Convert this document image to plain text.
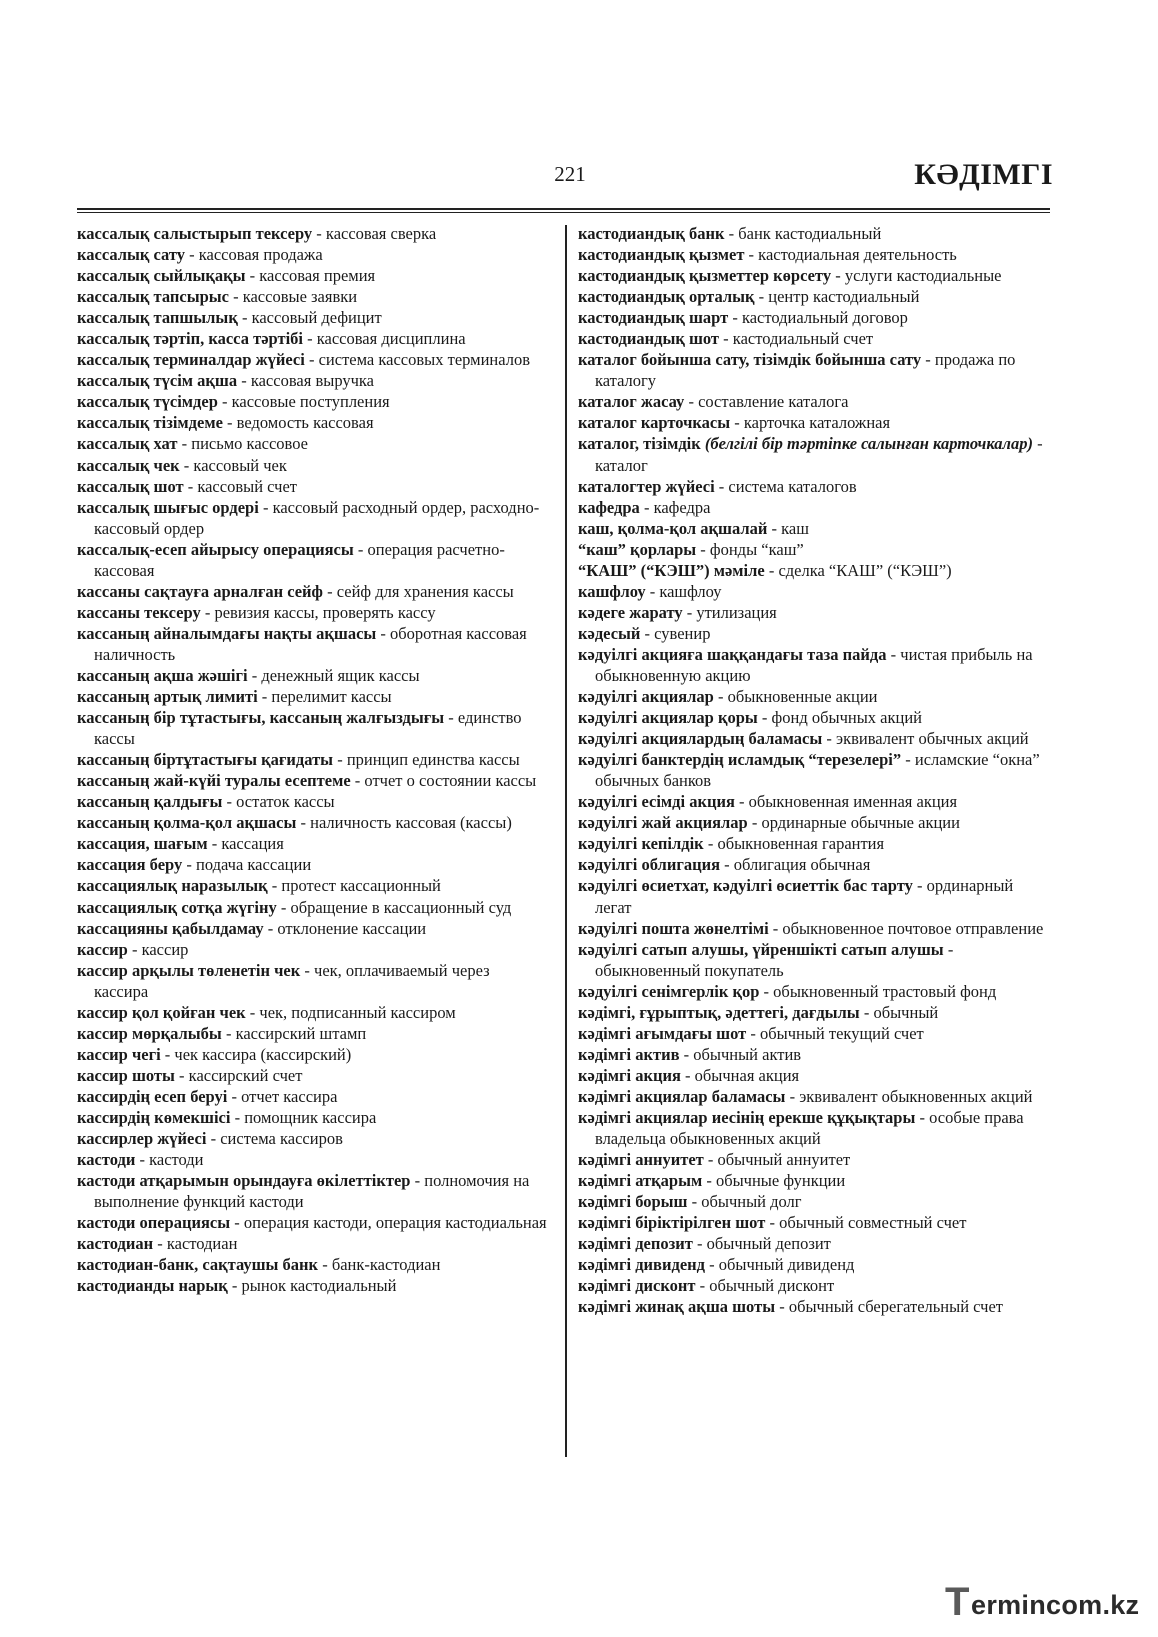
221	КӘДІМГІ
кассалық салыстырып тексеру - кассовая сверка
кассалық сату - кассовая продажа
кассалық сыйлықақы - кассовая премия
кассалық тапсырыс - кассовые заявки
кассалық тапшылық - кассовый дефицит
кассалық тәртіп, касса тәртібі - кассовая дисциплина
кассалық терминалдар жүйесі - система кассовых терминалов
кассалық түсім ақша - кассовая выручка
кассалық түсімдер - кассовые поступления
кассалық тізімдеме - ведомость кассовая
кассалық хат - письмо кассовое
кассалық чек - кассовый чек
кассалық шот - кассовый счет
кассалық шығыс ордері - кассовый расходный ордер, расходно-кассовый ордер
кассалық-есеп айырысу операциясы - операция расчетно-кассовая
кассаны сақтауға арналған сейф - сейф для хранения кассы
кассаны тексеру - ревизия кассы, проверять кассу
кассаның айналымдағы нақты ақшасы - оборотная кассовая наличность
кассаның ақша жәшігі - денежный ящик кассы
кассаның артық лимиті - перелимит кассы
кассаның бір тұтастығы, кассаның жалғыздығы - единство кассы
кассаның біртұтастығы қағидаты - принцип единства кассы
кассаның жай-күйі туралы есептеме - отчет о состоянии кассы
кассаның қалдығы - остаток кассы
кассаның қолма-қол ақшасы - наличность кассовая (кассы)
кассация, шағым - кассация
кассация беру - подача кассации
кассациялық наразылық - протест кассационный
кассациялық сотқа жүгіну - обращение в кассационный суд
кассацияны қабылдамау - отклонение кассации
кассир - кассир
кассир арқылы төленетін чек - чек, оплачиваемый через кассира
кассир қол қойған чек - чек, подписанный кассиром
кассир мөрқалыбы - кассирский штамп
кассир чегі - чек кассира (кассирский)
кассир шоты - кассирский счет
кассирдің есеп беруі - отчет кассира
кассирдің көмекшісі - помощник кассира
кассирлер жүйесі - система кассиров
кастоди - кастоди
кастоди атқарымын орындауға өкілеттіктер - полномочия на выполнение функций кастоди
кастоди операциясы - операция кастоди, операция кастодиальная
кастодиан - кастодиан
кастодиан-банк, сақтаушы банк - банк-кастодиан
кастодианды нарық - рынок кастодиальный
кастодиандық банк - банк кастодиальный
кастодиандық қызмет - кастодиальная деятельность
кастодиандық қызметтер көрсету - услуги кастодиальные
кастодиандық орталық - центр кастодиальный
кастодиандық шарт - кастодиальный договор
кастодиандық шот - кастодиальный счет
каталог бойынша сату, тізімдік бойынша сату - продажа по каталогу
каталог жасау - составление каталога
каталог карточкасы - карточка каталожная
каталог, тізімдік (белгілі бір тәртіпке салынған карточкалар) - каталог
каталогтер жүйесі - система каталогов
кафедра - кафедра
каш, қолма-қол ақшалай - каш
“каш” қорлары - фонды “каш”
“КАШ” (“КЭШ”) мәміле - сделка “КАШ” (“КЭШ”)
кашфлоу - кашфлоу
кәдеге жарату - утилизация
кәдесый - сувенир
кәдуілгі акцияға шаққандағы таза пайда - чистая прибыль на обыкновенную акцию
кәдуілгі акциялар - обыкновенные акции
кәдуілгі акциялар қоры - фонд обычных акций
кәдуілгі акциялардың баламасы - эквивалент обычных акций
кәдуілгі банктердің исламдық “терезелері” - исламские “окна” обычных банков
кәдуілгі есімді акция - обыкновенная именная акция
кәдуілгі жай акциялар - ординарные обычные акции
кәдуілгі кепілдік - обыкновенная гарантия
кәдуілгі облигация - облигация обычная
кәдуілгі өсиетхат, кәдуілгі өсиеттік бас тарту - ординарный легат
кәдуілгі пошта жөнелтімі - обыкновенное почтовое отправление
кәдуілгі сатып алушы, үйреншікті сатып алушы - обыкновенный покупатель
кәдуілгі сенімгерлік қор - обыкновенный трастовый фонд
кәдімгі, ғұрыптық, әдеттегі, дағдылы - обычный
кәдімгі ағымдағы шот - обычный текущий счет
кәдімгі актив - обычный актив
кәдімгі акция - обычная акция
кәдімгі акциялар баламасы - эквивалент обыкновенных акций
кәдімгі акциялар иесінің ерекше құқықтары - особые права владельца обыкновенных акций
кәдімгі аннуитет - обычный аннуитет
кәдімгі атқарым - обычные функции
кәдімгі борыш - обычный долг
кәдімгі біріктірілген шот - обычный совместный счет
кәдімгі депозит - обычный депозит
кәдімгі дивиденд - обычный дивиденд
кәдімгі дисконт - обычный дисконт
кәдімгі жинақ ақша шоты - обычный сберегательный счет
T ermincom.kz
